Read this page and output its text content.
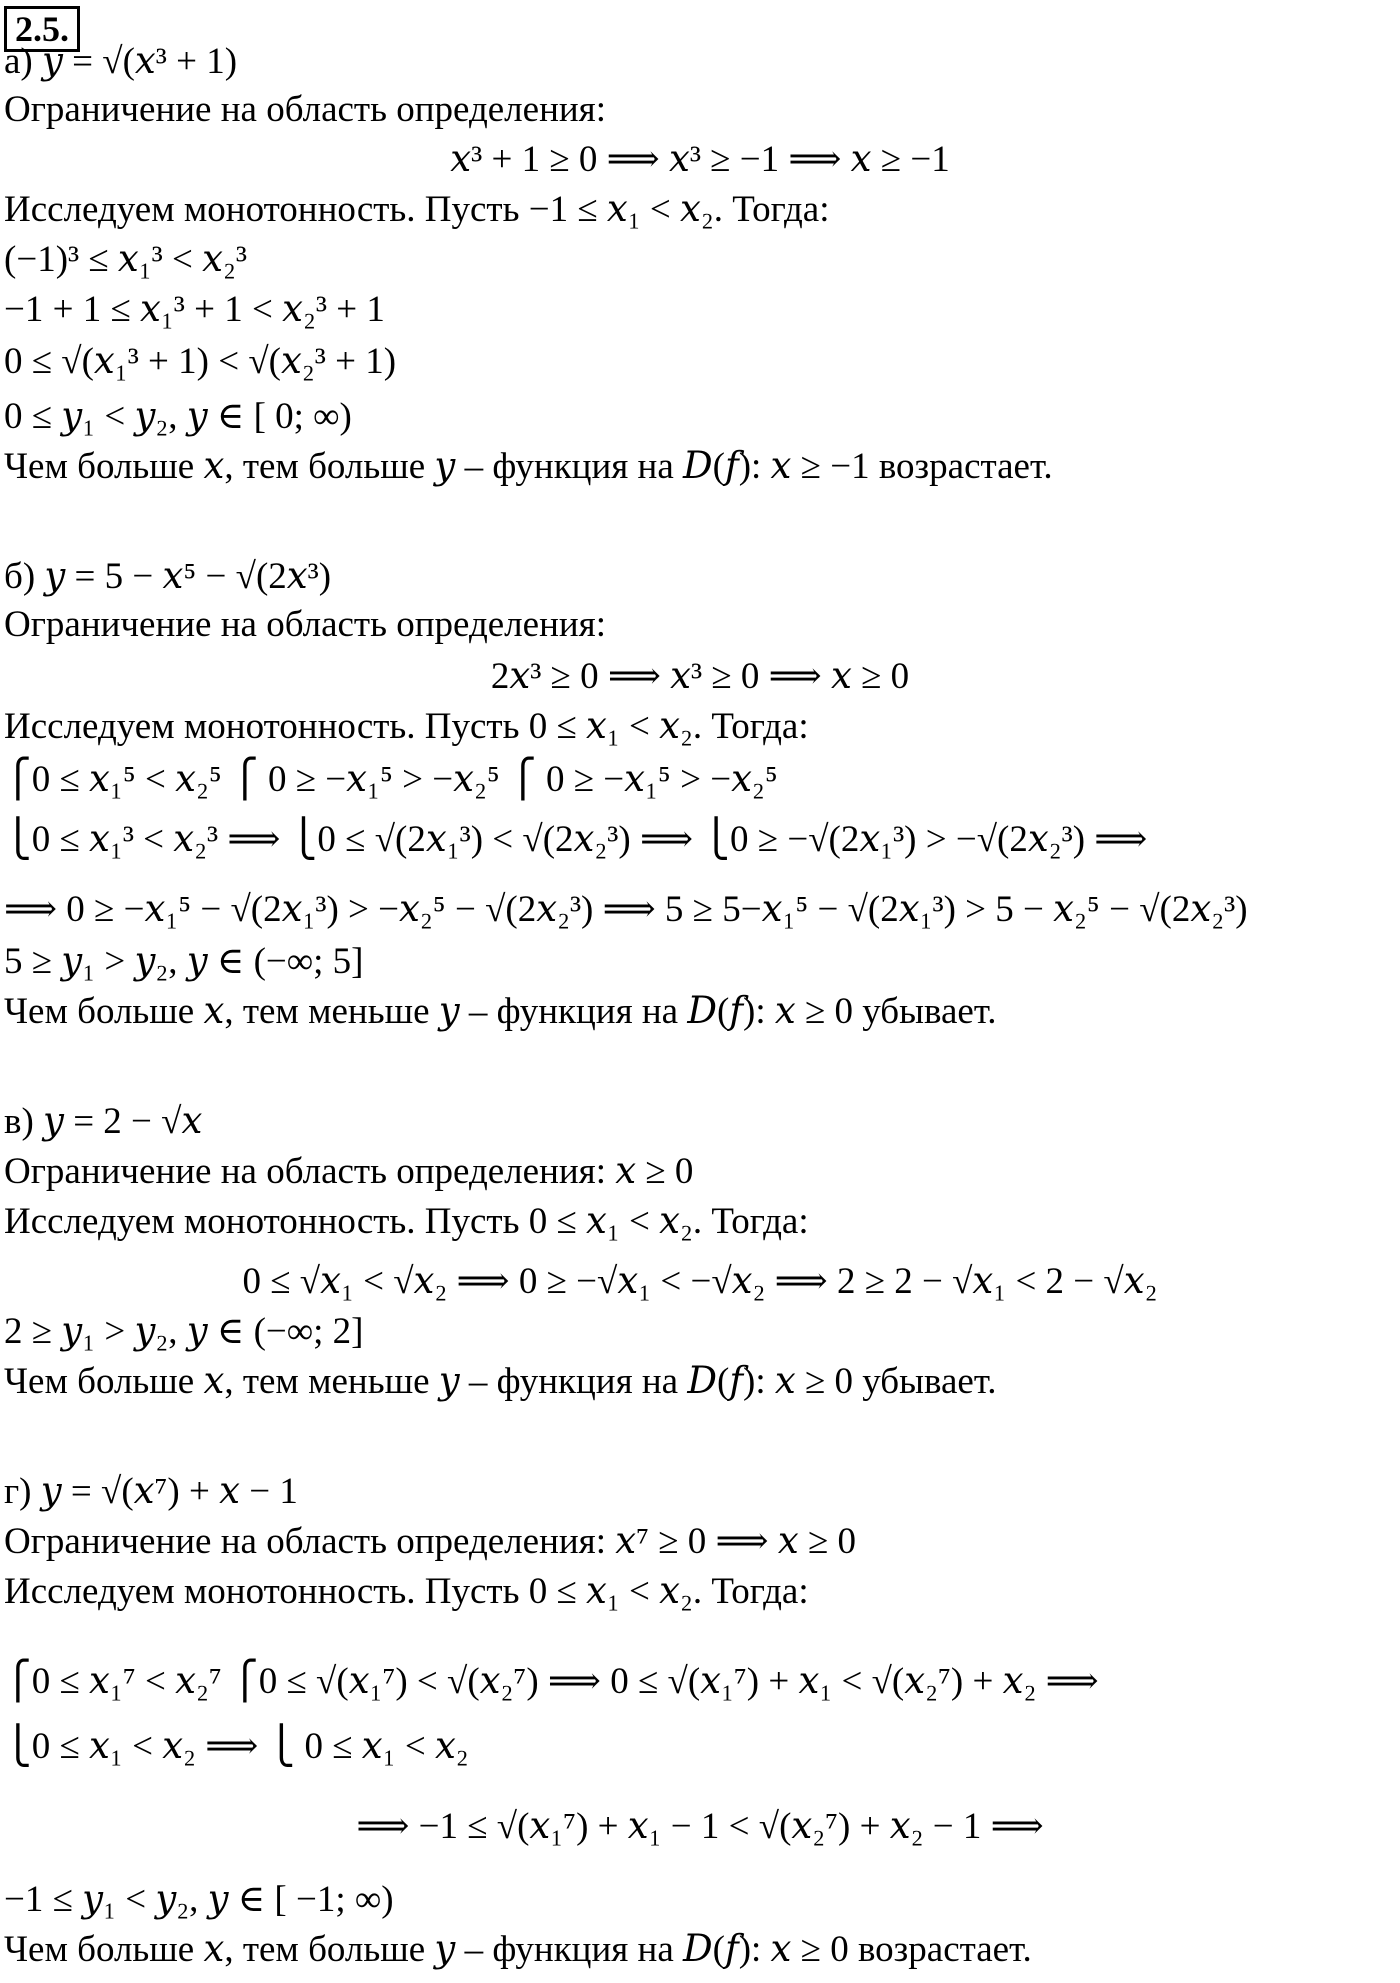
2.5.
а) 𝑦 = √(𝑥³ + 1)
Ограничение на область определения:
𝑥³ + 1 ≥ 0 ⟹ 𝑥³ ≥ −1 ⟹ 𝑥 ≥ −1
Исследуем монотонность. Пусть −1 ≤ 𝑥₁ < 𝑥₂. Тогда:
(−1)³ ≤ 𝑥₁³ < 𝑥₂³
−1 + 1 ≤ 𝑥₁³ + 1 < 𝑥₂³ + 1
0 ≤ √(𝑥₁³ + 1) < √(𝑥₂³ + 1)
0 ≤ 𝑦₁ < 𝑦₂, 𝑦 ∈ [ 0; ∞)
Чем больше 𝑥, тем больше 𝑦 – функция на 𝐷(𝑓): 𝑥 ≥ −1 возрастает.
б) 𝑦 = 5 − 𝑥⁵ − √(2𝑥³)
Ограничение на область определения:
2𝑥³ ≥ 0 ⟹ 𝑥³ ≥ 0 ⟹ 𝑥 ≥ 0
Исследуем монотонность. Пусть 0 ≤ 𝑥₁ < 𝑥₂. Тогда:
⎧0 ≤ 𝑥₁⁵ < 𝑥₂⁵ ⎧ 0 ≥ −𝑥₁⁵ > −𝑥₂⁵ ⎧ 0 ≥ −𝑥₁⁵ > −𝑥₂⁵
⎩0 ≤ 𝑥₁³ < 𝑥₂³ ⟹ ⎩0 ≤ √(2𝑥₁³) < √(2𝑥₂³) ⟹ ⎩0 ≥ −√(2𝑥₁³) > −√(2𝑥₂³) ⟹
⟹ 0 ≥ −𝑥₁⁵ − √(2𝑥₁³) > −𝑥₂⁵ − √(2𝑥₂³) ⟹ 5 ≥ 5−𝑥₁⁵ − √(2𝑥₁³) > 5 − 𝑥₂⁵ − √(2𝑥₂³)
5 ≥ 𝑦₁ > 𝑦₂, 𝑦 ∈ (−∞; 5]
Чем больше 𝑥, тем меньше 𝑦 – функция на 𝐷(𝑓): 𝑥 ≥ 0 убывает.
в) 𝑦 = 2 − √𝑥
Ограничение на область определения: 𝑥 ≥ 0
Исследуем монотонность. Пусть 0 ≤ 𝑥₁ < 𝑥₂. Тогда:
0 ≤ √𝑥₁ < √𝑥₂ ⟹ 0 ≥ −√𝑥₁ < −√𝑥₂ ⟹ 2 ≥ 2 − √𝑥₁ < 2 − √𝑥₂
2 ≥ 𝑦₁ > 𝑦₂, 𝑦 ∈ (−∞; 2]
Чем больше 𝑥, тем меньше 𝑦 – функция на 𝐷(𝑓): 𝑥 ≥ 0 убывает.
г) 𝑦 = √(𝑥⁷) + 𝑥 − 1
Ограничение на область определения: 𝑥⁷ ≥ 0 ⟹ 𝑥 ≥ 0
Исследуем монотонность. Пусть 0 ≤ 𝑥₁ < 𝑥₂. Тогда:
⎧0 ≤ 𝑥₁⁷ < 𝑥₂⁷ ⎧0 ≤ √(𝑥₁⁷) < √(𝑥₂⁷) ⟹ 0 ≤ √(𝑥₁⁷) + 𝑥₁ < √(𝑥₂⁷) + 𝑥₂ ⟹
⎩0 ≤ 𝑥₁ < 𝑥₂ ⟹ ⎩ 0 ≤ 𝑥₁ < 𝑥₂
⟹ −1 ≤ √(𝑥₁⁷) + 𝑥₁ − 1 < √(𝑥₂⁷) + 𝑥₂ − 1 ⟹
−1 ≤ 𝑦₁ < 𝑦₂, 𝑦 ∈ [ −1; ∞)
Чем больше 𝑥, тем больше 𝑦 – функция на 𝐷(𝑓): 𝑥 ≥ 0 возрастает.
